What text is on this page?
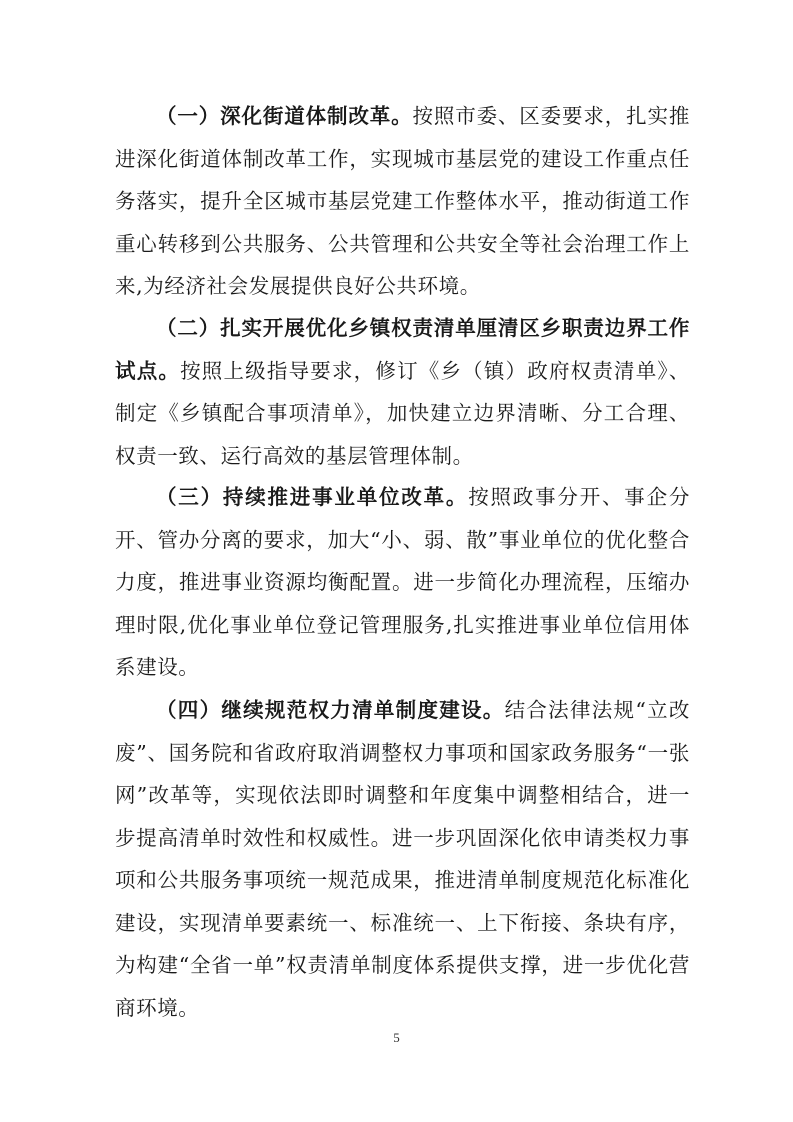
（一）深化街道体制改革。按照市委、区委要求，扎实推进深化街道体制改革工作，实现城市基层党的建设工作重点任务落实，提升全区城市基层党建工作整体水平，推动街道工作重心转移到公共服务、公共管理和公共安全等社会治理工作上来,为经济社会发展提供良好公共环境。

（二）扎实开展优化乡镇权责清单厘清区乡职责边界工作试点。按照上级指导要求，修订《乡（镇）政府权责清单》、制定《乡镇配合事项清单》，加快建立边界清晰、分工合理、权责一致、运行高效的基层管理体制。

（三）持续推进事业单位改革。按照政事分开、事企分开、管办分离的要求，加大“小、弱、散”事业单位的优化整合力度，推进事业资源均衡配置。进一步简化办理流程，压缩办理时限,优化事业单位登记管理服务,扎实推进事业单位信用体系建设。

（四）继续规范权力清单制度建设。结合法律法规“立改废”、国务院和省政府取消调整权力事项和国家政务服务“一张网”改革等，实现依法即时调整和年度集中调整相结合，进一步提高清单时效性和权威性。进一步巩固深化依申请类权力事项和公共服务事项统一规范成果，推进清单制度规范化标准化建设，实现清单要素统一、标准统一、上下衔接、条块有序，为构建“全省一单”权责清单制度体系提供支撑，进一步优化营商环境。

5
